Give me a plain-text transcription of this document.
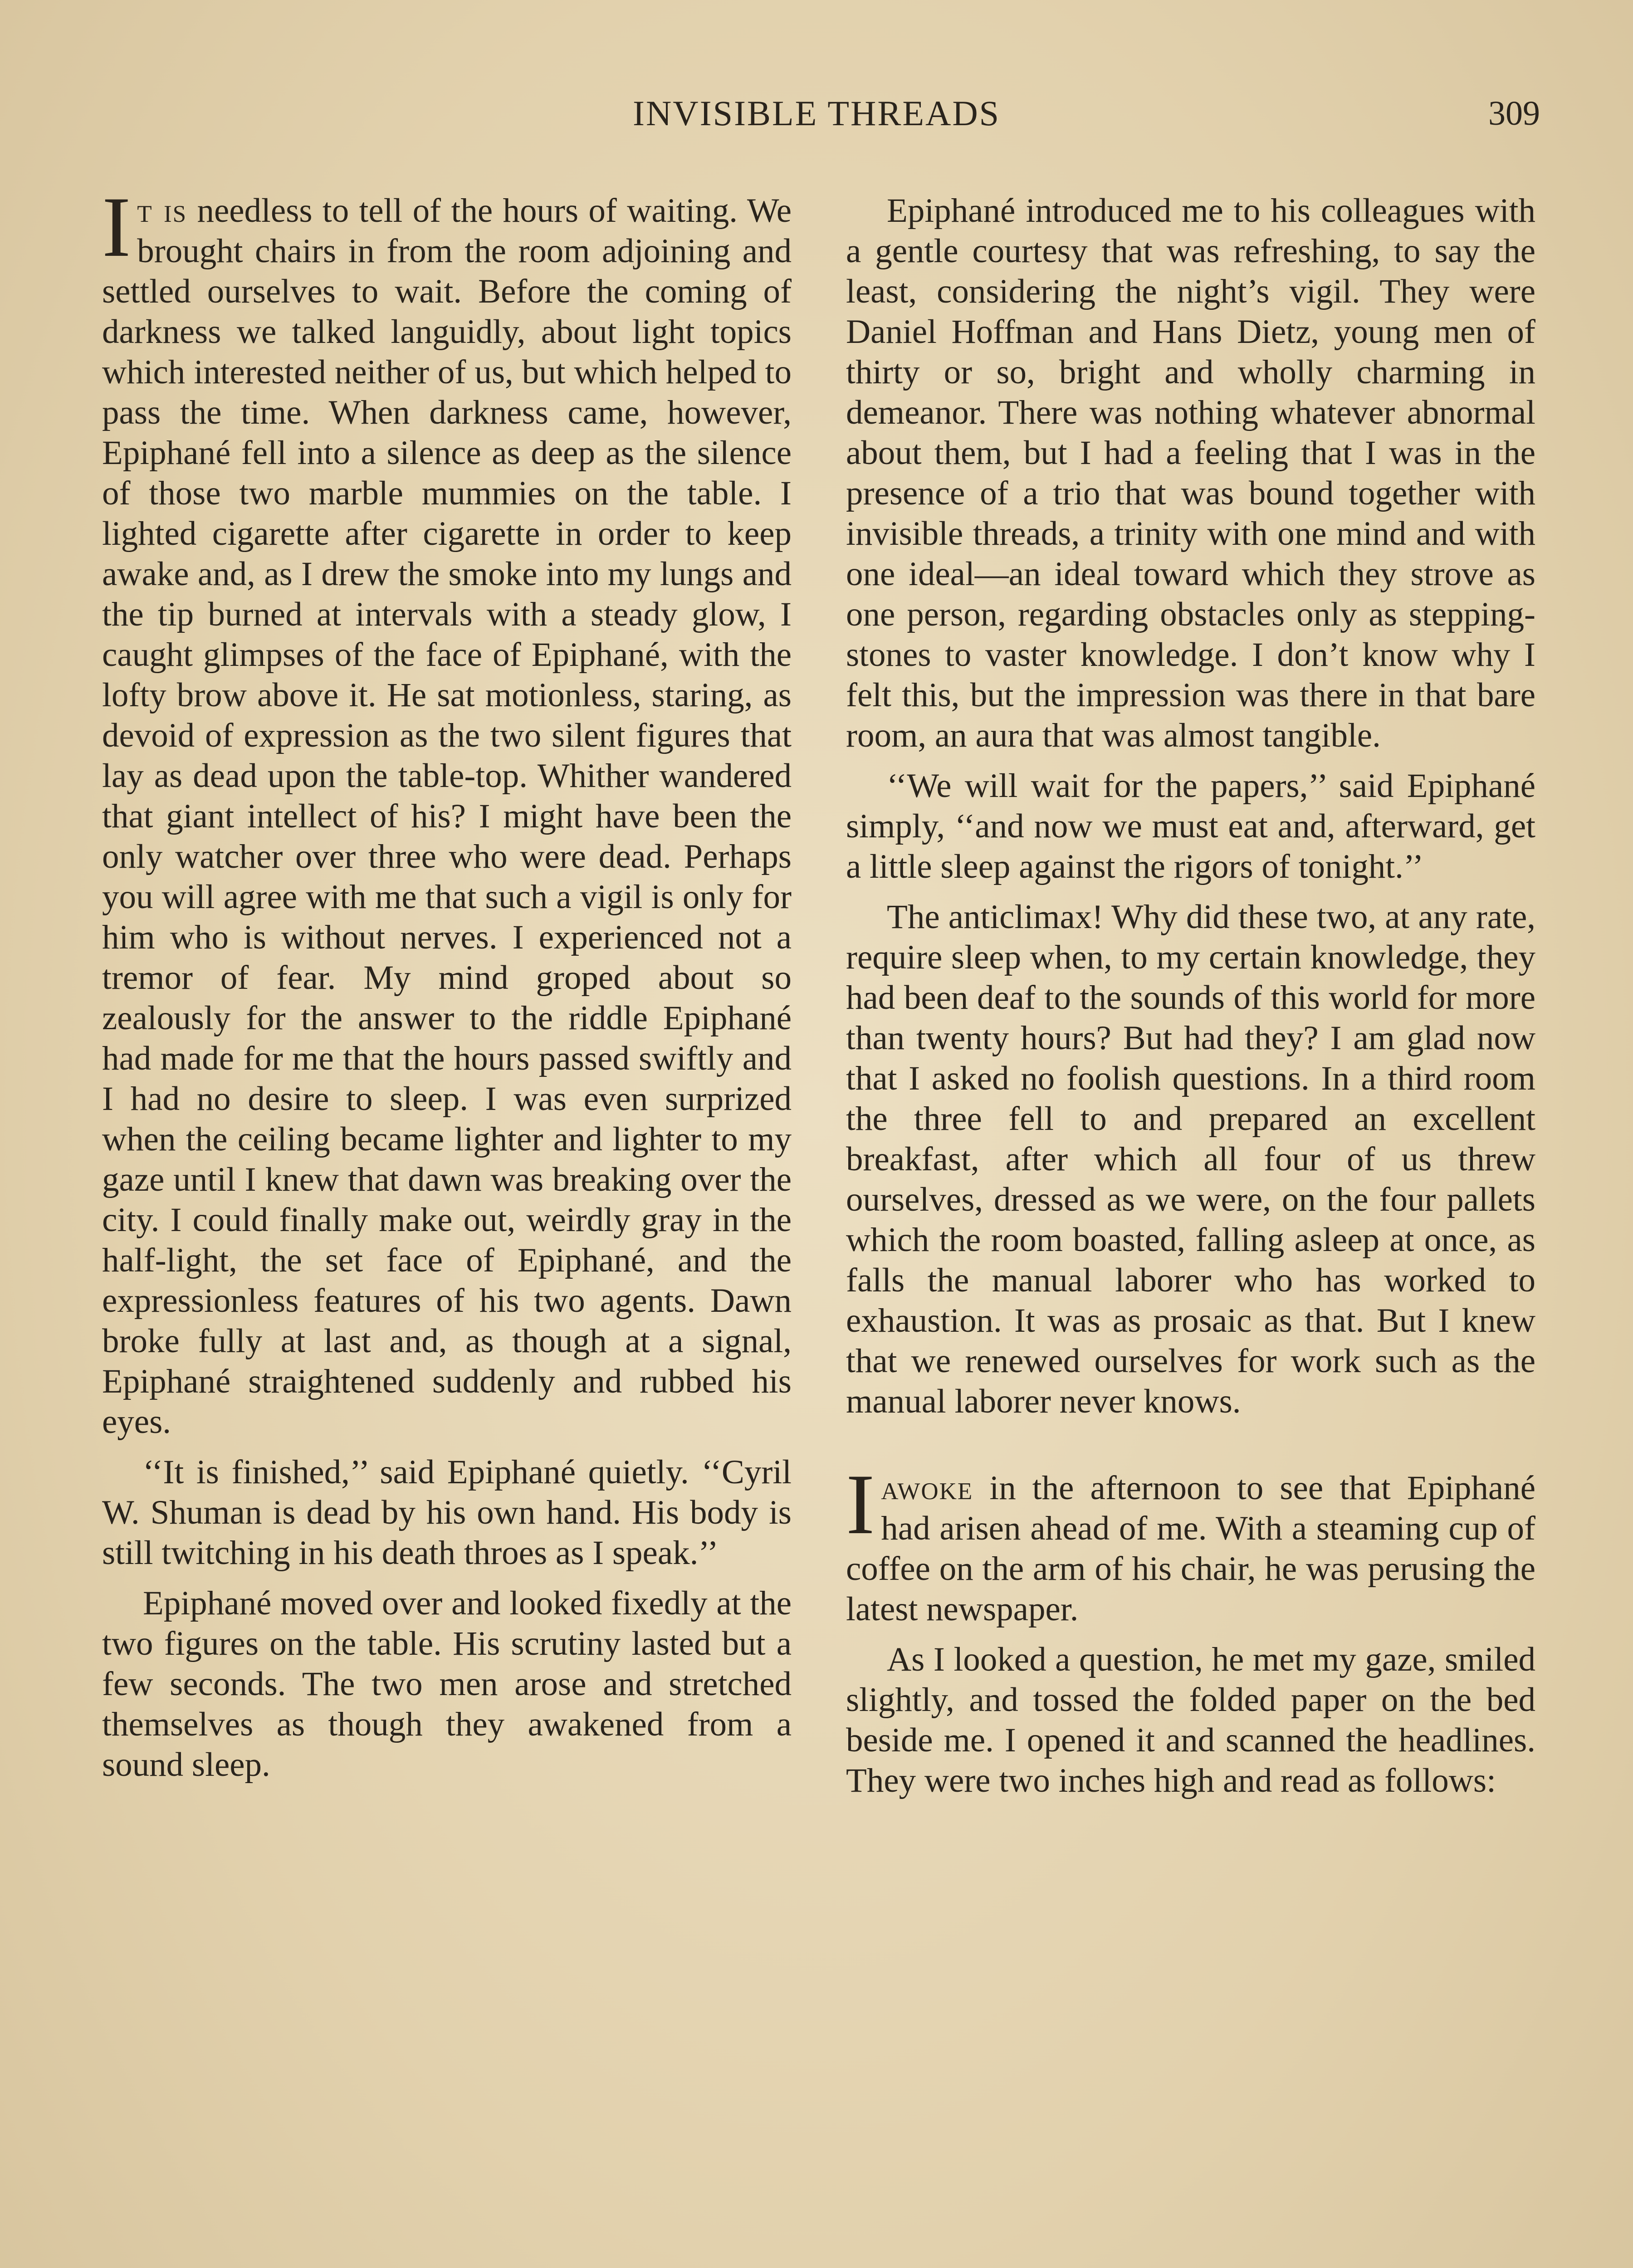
INVISIBLE THREADS	309

It is needless to tell of the hours of waiting. We brought chairs in from the room adjoining and settled ourselves to wait. Before the coming of darkness we talked languidly, about light topics which interested neither of us, but which helped to pass the time. When darkness came, however, Epiphané fell into a silence as deep as the silence of those two marble mummies on the table. I lighted cigarette after cigarette in order to keep awake and, as I drew the smoke into my lungs and the tip burned at intervals with a steady glow, I caught glimpses of the face of Epiphané, with the lofty brow above it. He sat motionless, staring, as devoid of expression as the two silent figures that lay as dead upon the table-top. Whither wandered that giant intellect of his? I might have been the only watcher over three who were dead. Perhaps you will agree with me that such a vigil is only for him who is without nerves. I experienced not a tremor of fear. My mind groped about so zealously for the answer to the riddle Epiphané had made for me that the hours passed swiftly and I had no desire to sleep. I was even surprized when the ceiling became lighter and lighter to my gaze until I knew that dawn was breaking over the city. I could finally make out, weirdly gray in the half-light, the set face of Epiphané, and the expressionless features of his two agents. Dawn broke fully at last and, as though at a signal, Epiphané straightened suddenly and rubbed his eyes.

‘‘It is finished,’’ said Epiphané quietly. ‘‘Cyril W. Shuman is dead by his own hand. His body is still twitching in his death throes as I speak.’’

Epiphané moved over and looked fixedly at the two figures on the table. His scrutiny lasted but a few seconds. The two men arose and stretched themselves as though they awakened from a sound sleep.

Epiphané introduced me to his colleagues with a gentle courtesy that was refreshing, to say the least, considering the night’s vigil. They were Daniel Hoffman and Hans Dietz, young men of thirty or so, bright and wholly charming in demeanor. There was nothing whatever abnormal about them, but I had a feeling that I was in the presence of a trio that was bound together with invisible threads, a trinity with one mind and with one ideal—an ideal toward which they strove as one person, regarding obstacles only as stepping-stones to vaster knowledge. I don’t know why I felt this, but the impression was there in that bare room, an aura that was almost tangible.

‘‘We will wait for the papers,’’ said Epiphané simply, ‘‘and now we must eat and, afterward, get a little sleep against the rigors of tonight.’’

The anticlimax! Why did these two, at any rate, require sleep when, to my certain knowledge, they had been deaf to the sounds of this world for more than twenty hours? But had they? I am glad now that I asked no foolish questions. In a third room the three fell to and prepared an excellent breakfast, after which all four of us threw ourselves, dressed as we were, on the four pallets which the room boasted, falling asleep at once, as falls the manual laborer who has worked to exhaustion. It was as prosaic as that. But I knew that we renewed ourselves for work such as the manual laborer never knows.

Iawoke in the afternoon to see that Epiphané had arisen ahead of me. With a steaming cup of coffee on the arm of his chair, he was perusing the latest newspaper.

As I looked a question, he met my gaze, smiled slightly, and tossed the folded paper on the bed beside me. I opened it and scanned the headlines. They were two inches high and read as follows:
